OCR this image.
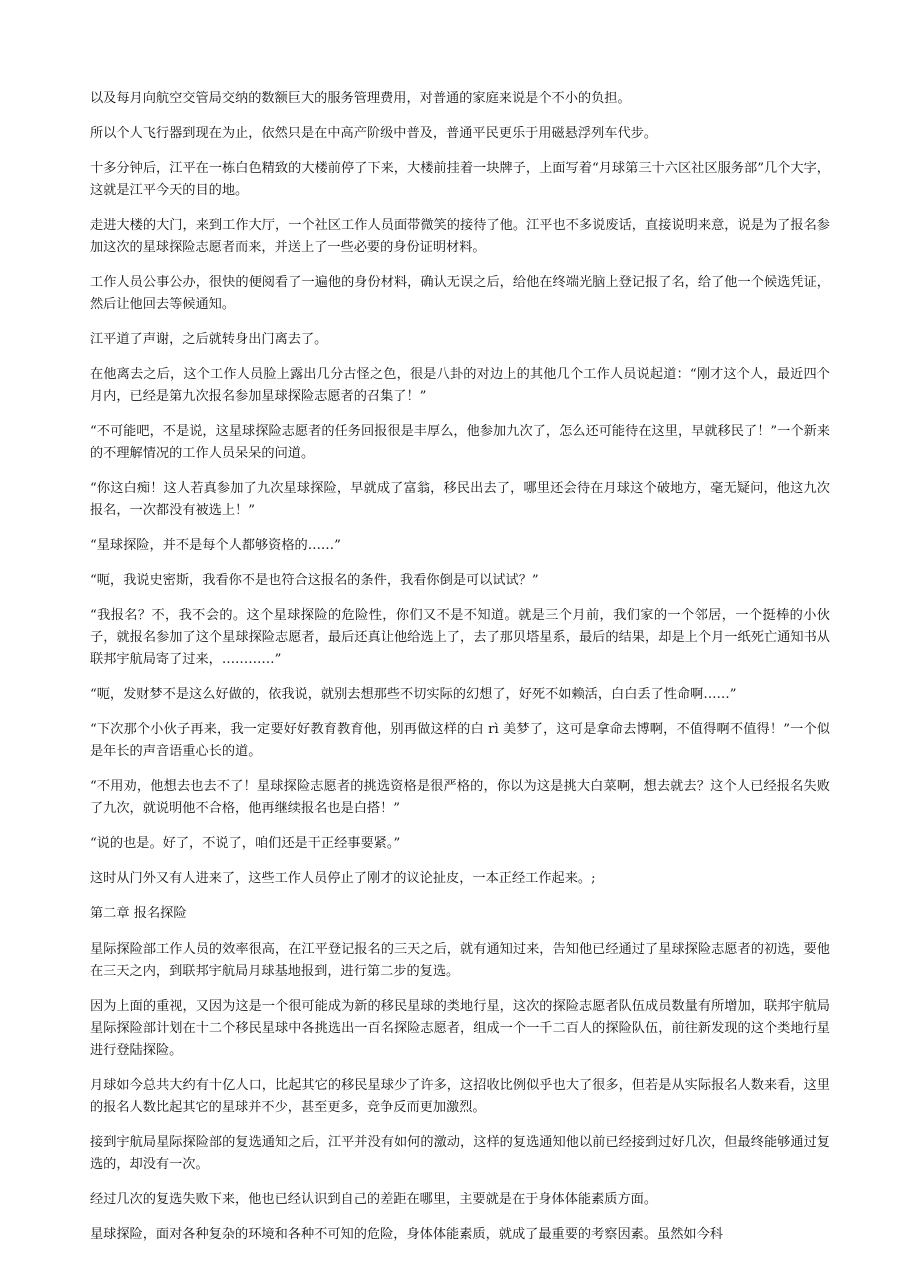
以及每月向航空交管局交纳的数额巨大的服务管理费用，对普通的家庭来说是个不小的负担。

所以个人飞行器到现在为止，依然只是在中高产阶级中普及，普通平民更乐于用磁悬浮列车代步。

十多分钟后，江平在一栋白色精致的大楼前停了下来，大楼前挂着一块牌子，上面写着“月球第三十六区社区服务部”几个大字，这就是江平今天的目的地。

走进大楼的大门，来到工作大厅，一个社区工作人员面带微笑的接待了他。江平也不多说废话，直接说明来意，说是为了报名参加这次的星球探险志愿者而来，并送上了一些必要的身份证明材料。

工作人员公事公办，很快的便阅看了一遍他的身份材料，确认无误之后，给他在终端光脑上登记报了名，给了他一个候选凭证，然后让他回去等候通知。

江平道了声谢，之后就转身出门离去了。

在他离去之后，这个工作人员脸上露出几分古怪之色，很是八卦的对边上的其他几个工作人员说起道：“刚才这个人，最近四个月内，已经是第九次报名参加星球探险志愿者的召集了！”

“不可能吧，不是说，这星球探险志愿者的任务回报很是丰厚么，他参加九次了，怎么还可能待在这里，早就移民了！”一个新来的不理解情况的工作人员呆呆的问道。

“你这白痴！这人若真参加了九次星球探险，早就成了富翁，移民出去了，哪里还会待在月球这个破地方，毫无疑问，他这九次报名，一次都没有被选上！”

“星球探险，并不是每个人都够资格的……”

“呃，我说史密斯，我看你不是也符合这报名的条件，我看你倒是可以试试？”

“我报名？不，我不会的。这个星球探险的危险性，你们又不是不知道。就是三个月前，我们家的一个邻居，一个挺棒的小伙子，就报名参加了这个星球探险志愿者，最后还真让他给选上了，去了那贝塔星系，最后的结果，却是上个月一纸死亡通知书从联邦宇航局寄了过来，…………”

“呃，发财梦不是这么好做的，依我说，就别去想那些不切实际的幻想了，好死不如赖活，白白丢了性命啊……”

“下次那个小伙子再来，我一定要好好教育教育他，别再做这样的白 rì 美梦了，这可是拿命去博啊，不值得啊不值得！”一个似是年长的声音语重心长的道。

“不用劝，他想去也去不了！星球探险志愿者的挑选资格是很严格的，你以为这是挑大白菜啊，想去就去？这个人已经报名失败了九次，就说明他不合格，他再继续报名也是白搭！”

“说的也是。好了，不说了，咱们还是干正经事要紧。”

这时从门外又有人进来了，这些工作人员停止了刚才的议论扯皮，一本正经工作起来。;

第二章 报名探险

星际探险部工作人员的效率很高，在江平登记报名的三天之后，就有通知过来，告知他已经通过了星球探险志愿者的初选，要他在三天之内，到联邦宇航局月球基地报到，进行第二步的复选。

因为上面的重视，又因为这是一个很可能成为新的移民星球的类地行星，这次的探险志愿者队伍成员数量有所增加，联邦宇航局星际探险部计划在十二个移民星球中各挑选出一百名探险志愿者，组成一个一千二百人的探险队伍，前往新发现的这个类地行星进行登陆探险。

月球如今总共大约有十亿人口，比起其它的移民星球少了许多，这招收比例似乎也大了很多，但若是从实际报名人数来看，这里的报名人数比起其它的星球并不少，甚至更多，竞争反而更加激烈。

接到宇航局星际探险部的复选通知之后，江平并没有如何的激动，这样的复选通知他以前已经接到过好几次，但最终能够通过复选的，却没有一次。

经过几次的复选失败下来，他也已经认识到自己的差距在哪里，主要就是在于身体体能素质方面。

星球探险，面对各种复杂的环境和各种不可知的危险，身体体能素质，就成了最重要的考察因素。虽然如今科
